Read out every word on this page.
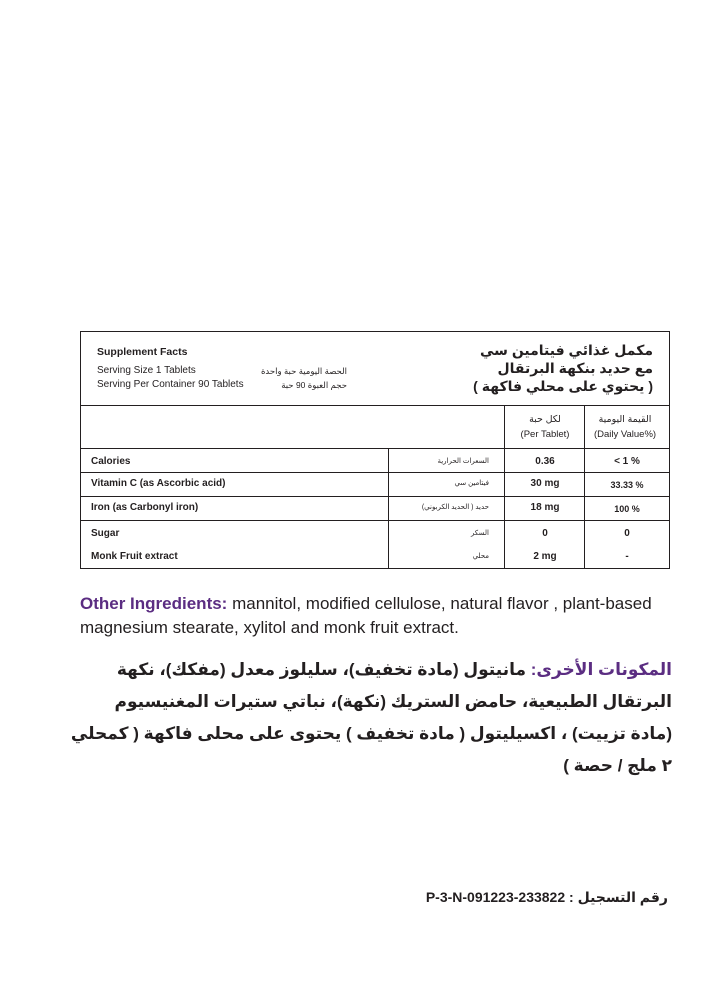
Supplement Facts
Serving Size 1 Tablets
Serving Per Container 90 Tablets
الحصة اليومية حبة واحدة
حجم العبوة 90 حبة
مكمل غذائي فيتامين سي
مع حديد بنكهة البرتقال
( يحتوي على محلي فاكهة )
لكل حبة
(Per Tablet)
القيمة اليومية
(Daily Value%)
Calories	السعرات الحرارية	0.36	< 1 %
Vitamin C (as Ascorbic acid)	فيتامين سي	30 mg	33.33 %
Iron (as Carbonyl iron)	حديد ( الحديد الكربوني)	18 mg	100 %
Sugar	السكر	0	0
Monk Fruit extract	محلي	2 mg	-
Other Ingredients: mannitol, modified cellulose, natural flavor , plant-based magnesium stearate, xylitol and monk fruit extract.
المكونات الأخرى: مانيتول (مادة تخفيف)، سليلوز معدل (مفكك)، نكهة البرتقال الطبيعية، حامض الستريك (نكهة)، نباتي ستيرات المغنيسيوم (مادة تزييت) ، اكسيليتول ( مادة تخفيف ) يحتوى على محلى فاكهة ( كمحلي ٢ ملج / حصة )
رقم التسجيل : P-3-N-091223-233822
